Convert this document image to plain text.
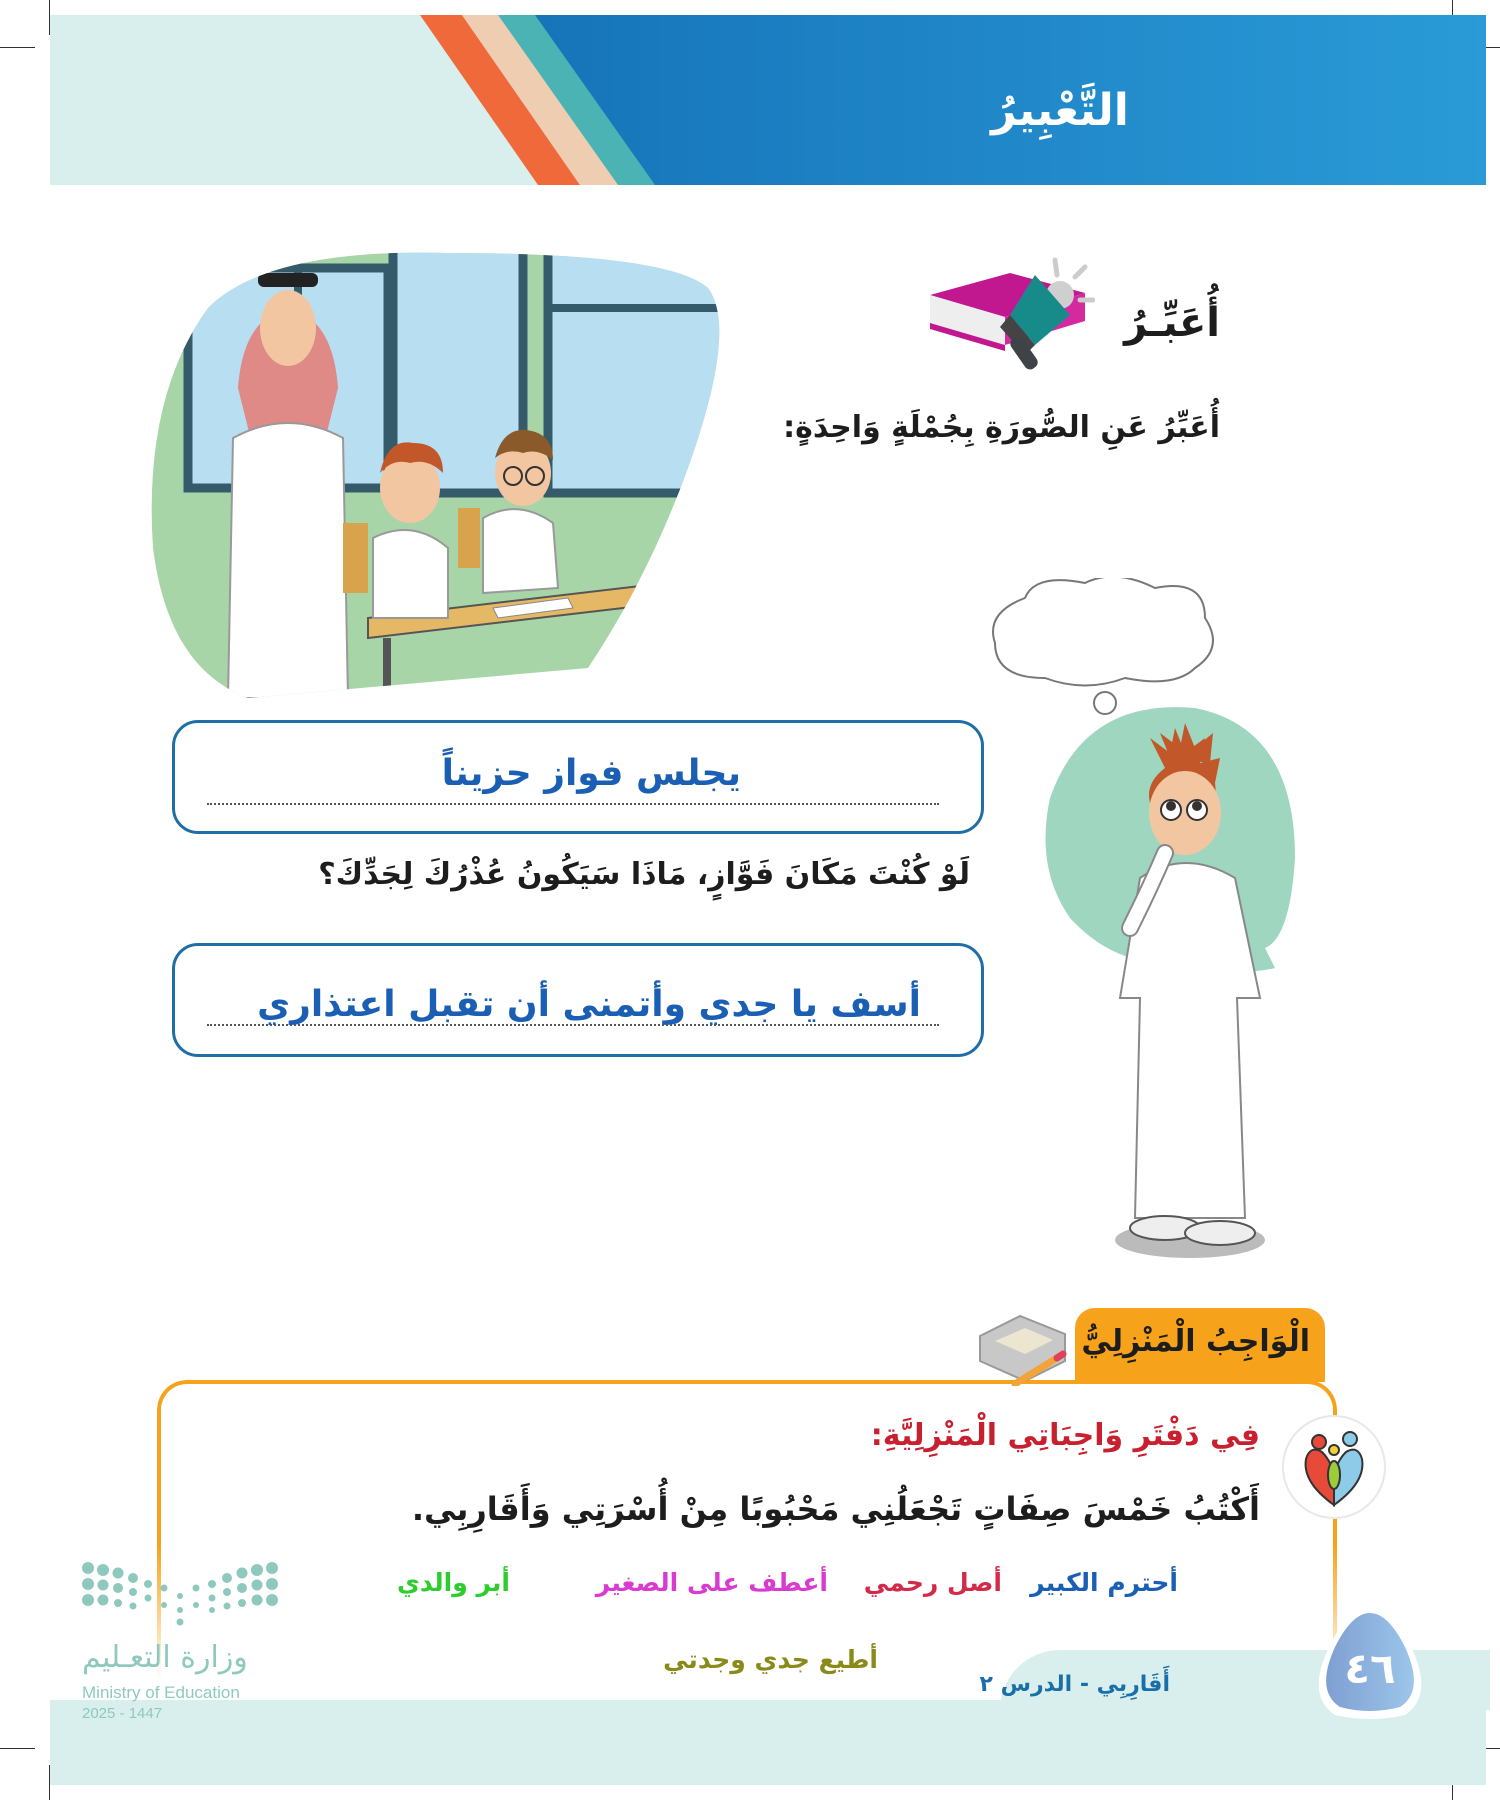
التَّعْبِيرُ
أُعَبِّـرُ
أُعَبِّرُ عَنِ الصُّورَةِ بِجُمْلَةٍ وَاحِدَةٍ:
يجلس فواز حزيناً
لَوْ كُنْتَ مَكَانَ فَوَّازٍ، مَاذَا سَيَكُونُ عُذْرُكَ لِجَدِّكَ؟
أسف يا جدي وأتمنى أن تقبل اعتذاري
الْوَاجِبُ الْمَنْزِلِيُّ
فِي دَفْتَرِ وَاجِبَاتِي الْمَنْزِلِيَّةِ:
أَكْتُبُ خَمْسَ صِفَاتٍ تَجْعَلُنِي مَحْبُوبًا مِنْ أُسْرَتِي وَأَقَارِبِي.
أحترم الكبير
أصل رحمي
أعطف على الصغير
أبر والدي
أطيع جدي وجدتي	٤٦
أَقَارِبِي - الدرس ٢
وزارة التعـليم
Ministry of Education
2025 - 1447
